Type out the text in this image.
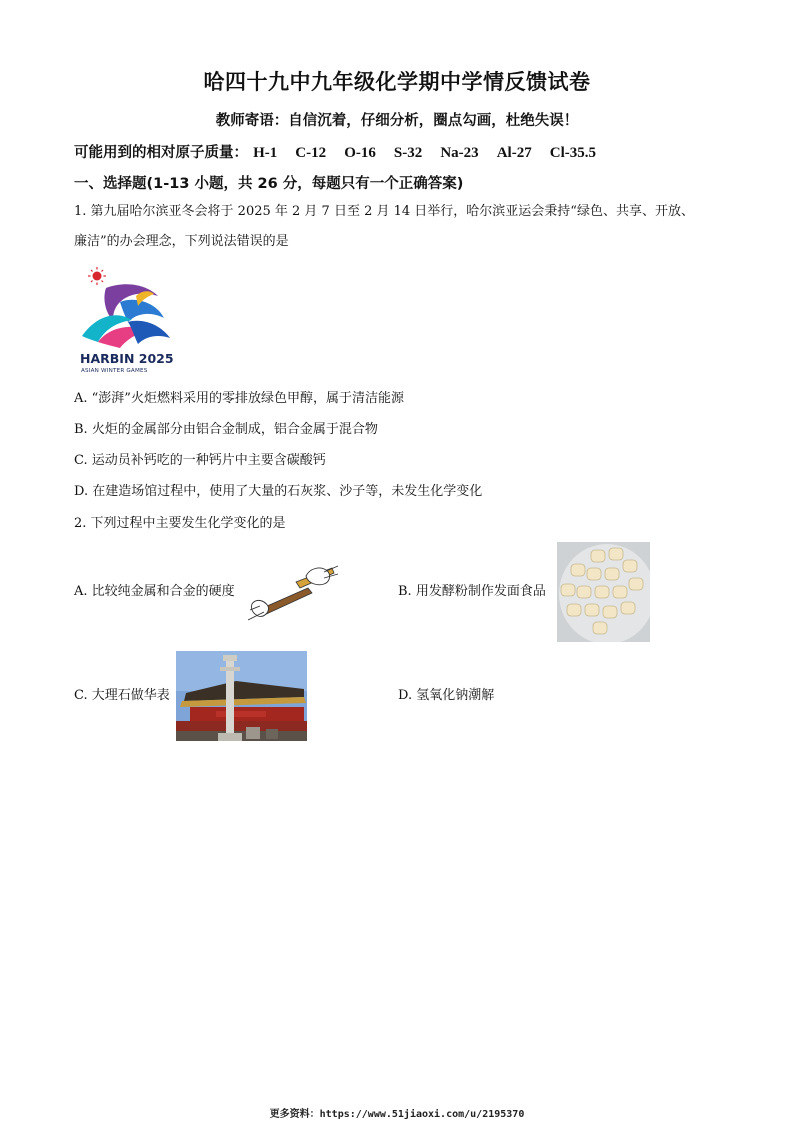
哈四十九中九年级化学期中学情反馈试卷
教师寄语：自信沉着，仔细分析，圈点勾画，杜绝失误！
可能用到的相对原子质量： H-1 C-12 O-16 S-32 Na-23 Al-27 Cl-35.5
一、选择题(1-13 小题，共 26 分，每题只有一个正确答案)
1. 第九届哈尔滨亚冬会将于 2025 年 2 月 7 日至 2 月 14 日举行，哈尔滨亚运会秉持“绿色、共享、开放、
廉洁”的办会理念，下列说法错误的是
HARBIN 2025
ASIAN WINTER GAMES
A. “澎湃”火炬燃料采用的零排放绿色甲醇，属于清洁能源
B. 火炬的金属部分由铝合金制成，铝合金属于混合物
C. 运动员补钙吃的一种钙片中主要含碳酸钙
D. 在建造场馆过程中，使用了大量的石灰浆、沙子等，未发生化学变化
2. 下列过程中主要发生化学变化的是
A. 比较纯金属和合金的硬度	B. 用发酵粉制作发面食品
C. 大理石做华表	D. 氢氧化钠潮解
更多资料：https://www.51jiaoxi.com/u/2195370
